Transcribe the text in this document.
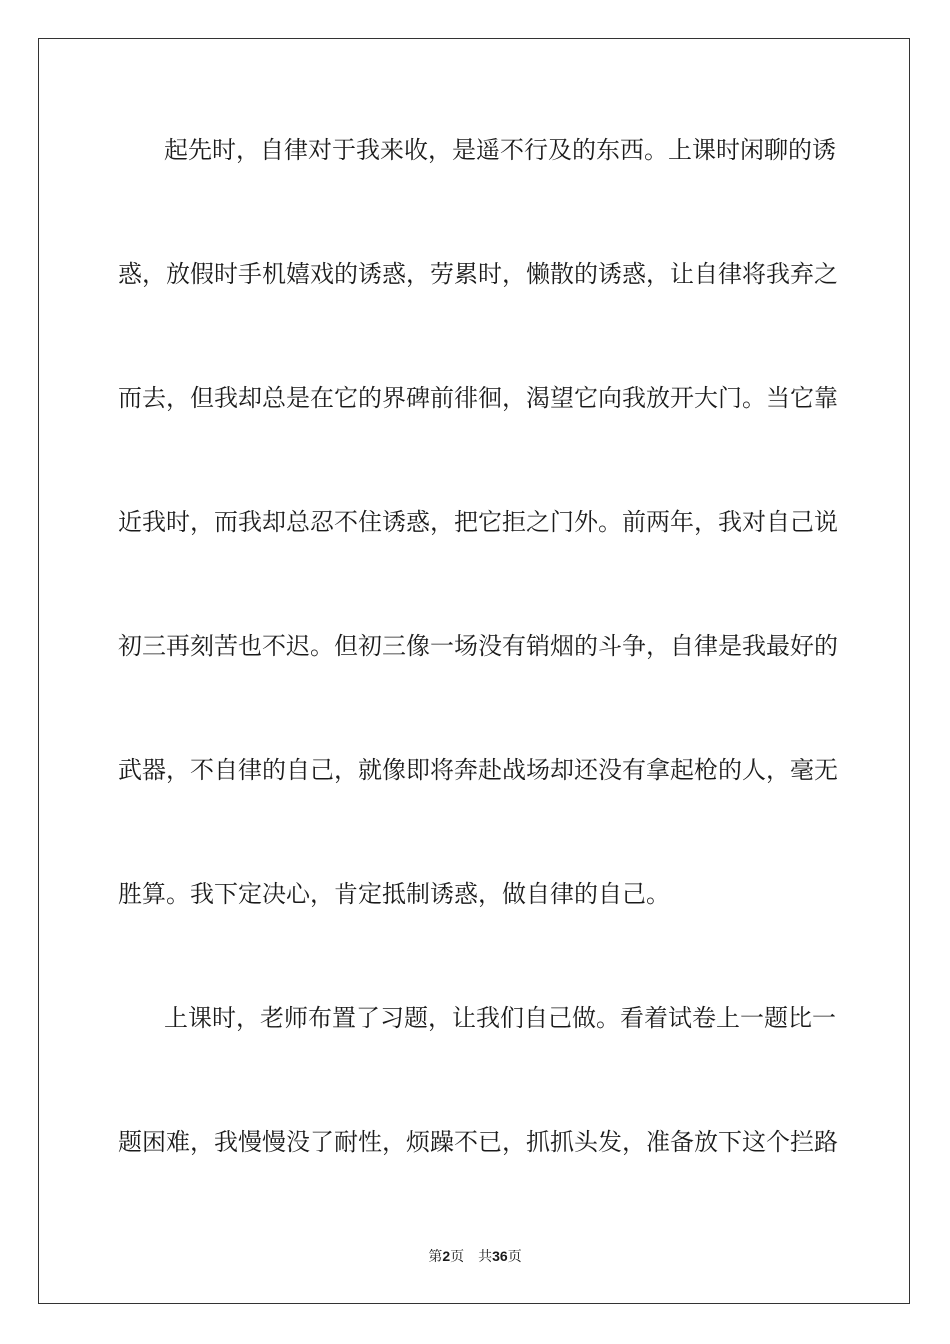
起先时，自律对于我来收，是遥不行及的东西。上课时闲聊的诱
惑，放假时手机嬉戏的诱惑，劳累时，懒散的诱惑，让自律将我弃之
而去，但我却总是在它的界碑前徘徊，渴望它向我放开大门。当它靠
近我时，而我却总忍不住诱惑，把它拒之门外。前两年，我对自己说
初三再刻苦也不迟。但初三像一场没有销烟的斗争，自律是我最好的
武器，不自律的自己，就像即将奔赴战场却还没有拿起枪的人，毫无
胜算。我下定决心，肯定抵制诱惑，做自律的自己。
上课时，老师布置了习题，让我们自己做。看着试卷上一题比一
题困难，我慢慢没了耐性，烦躁不已，抓抓头发，准备放下这个拦路
第2页 共36页
